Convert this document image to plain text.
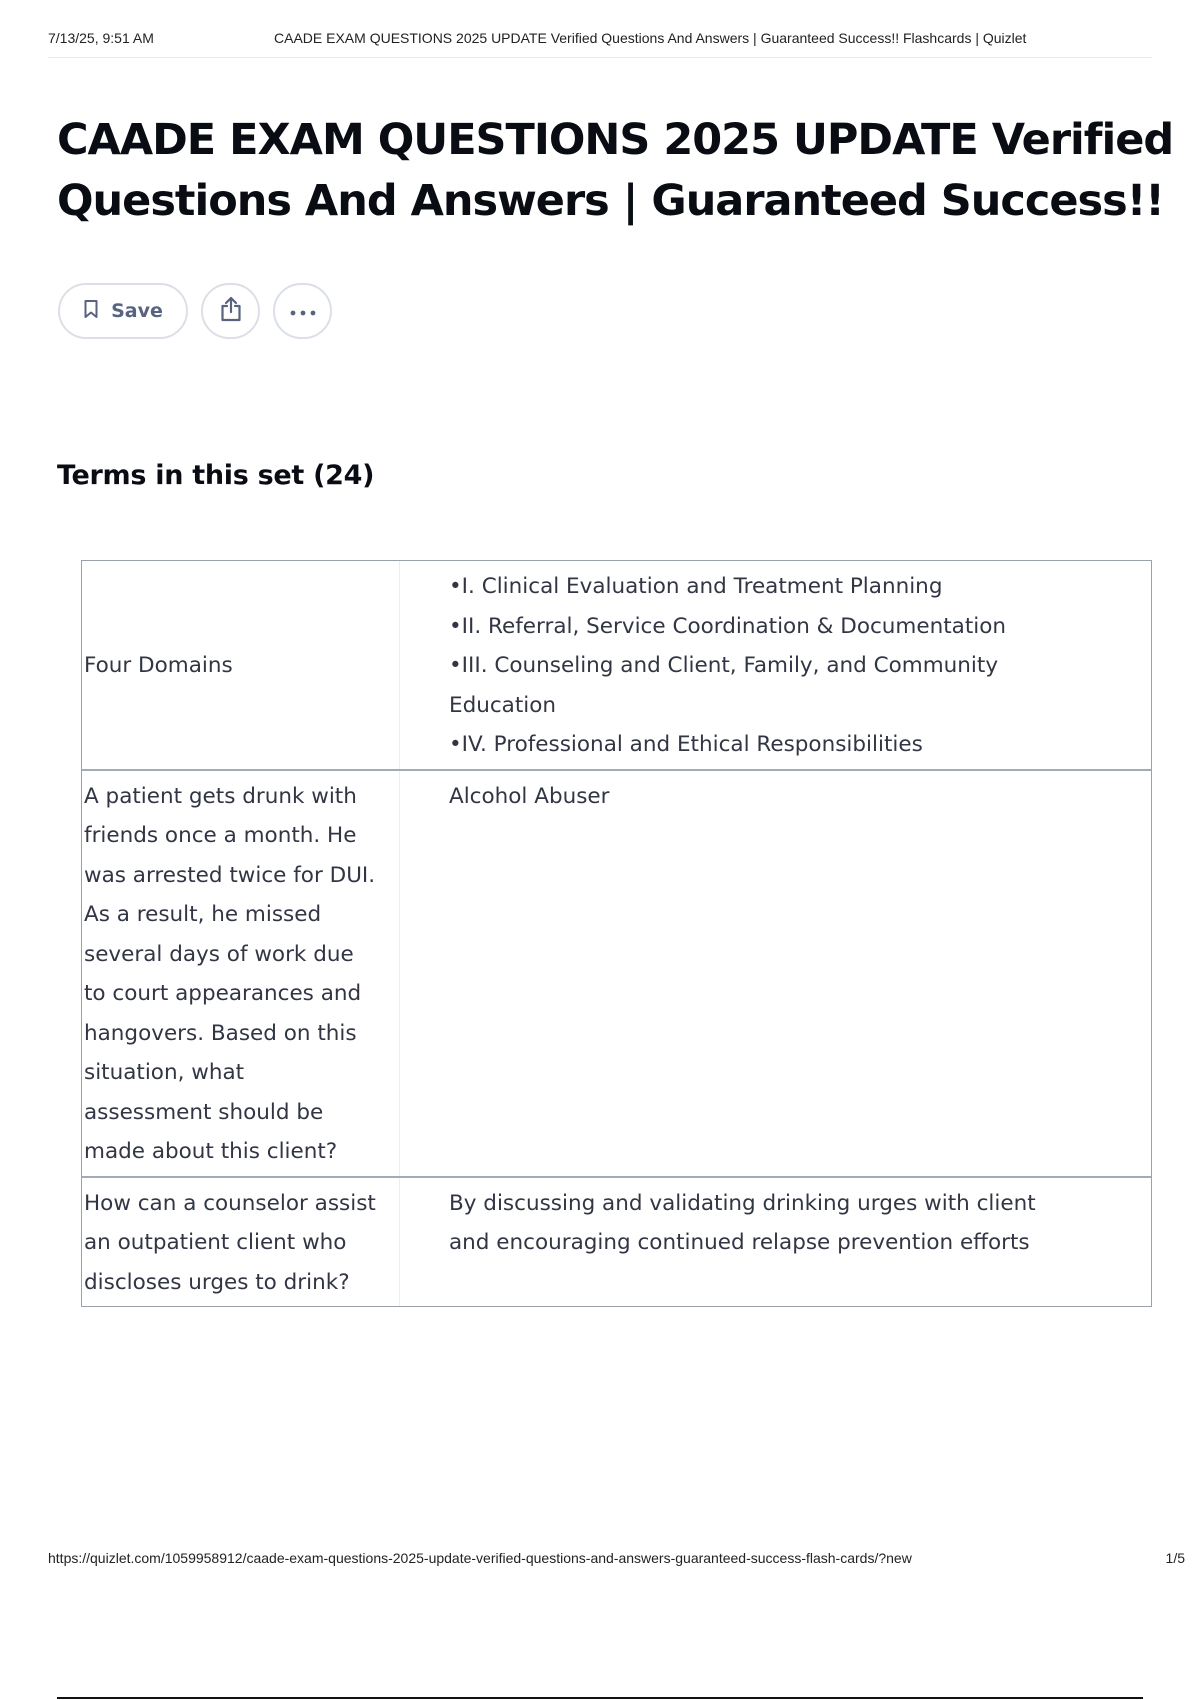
7/13/25, 9:51 AM	CAADE EXAM QUESTIONS 2025 UPDATE Verified Questions And Answers | Guaranteed Success!! Flashcards | Quizlet
CAADE EXAM QUESTIONS 2025 UPDATE Verified Questions And Answers | Guaranteed Success!!
Save
Terms in this set (24)
Four Domains
•I. Clinical Evaluation and Treatment Planning
•II. Referral, Service Coordination & Documentation
•III. Counseling and Client, Family, and Community Education
•IV. Professional and Ethical Responsibilities
A patient gets drunk with friends once a month. He was arrested twice for DUI. As a result, he missed several days of work due to court appearances and hangovers. Based on this situation, what assessment should be made about this client?
Alcohol Abuser
How can a counselor assist an outpatient client who discloses urges to drink?
By discussing and validating drinking urges with client and encouraging continued relapse prevention efforts
https://quizlet.com/1059958912/caade-exam-questions-2025-update-verified-questions-and-answers-guaranteed-success-flash-cards/?new	1/5
